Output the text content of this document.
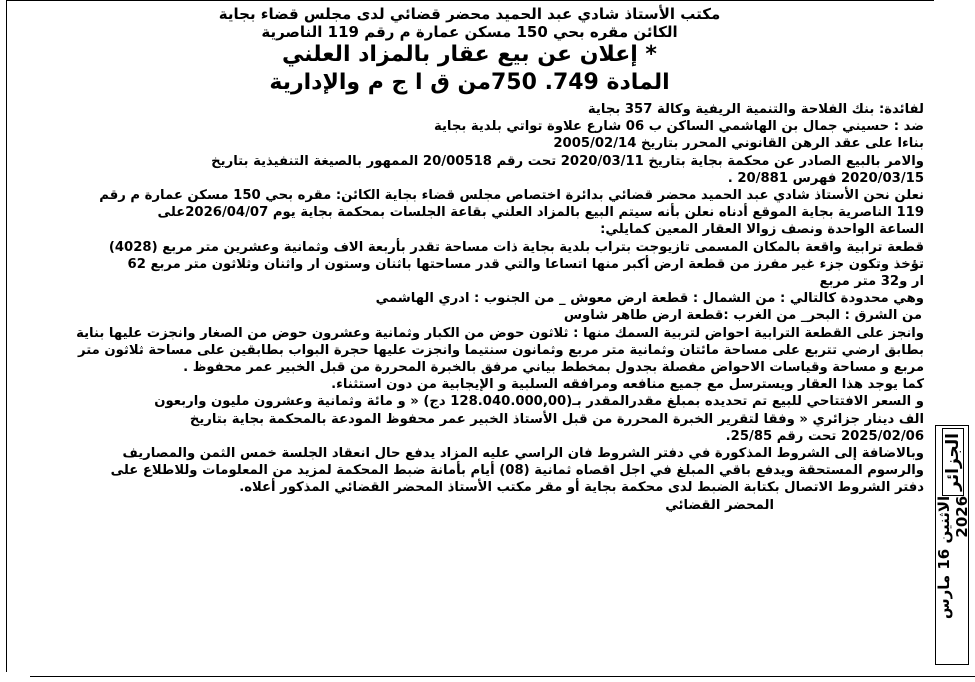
مكتب الأستاذ شادي عبد الحميد محضر قضائي لدى مجلس قضاء بجاية
الكائن مقره بحي 150 مسكن عمارة م رقم 119 الناصرية
* إعلان عن بيع عقار بالمزاد العلني
المادة 749. 750من ق ا ج م والإدارية
لفائدة: بنك الفلاحة والتنمية الريفية وكالة 357 بجاية
ضد : حسيني جمال بن الهاشمي الساكن ب 06 شارع علاوة تواتي بلدية بجاية
بناءا على عقد الرهن القانوني المحرر بتاريخ 2005/02/14
والامر بالبيع الصادر عن محكمة بجاية بتاريخ 2020/03/11 تحت رقم 20/00518 الممهور بالصيغة التنفيذية بتاريخ
2020/03/15 فهرس 20/881 .
نعلن نحن الأستاذ شادي عبد الحميد محضر قضائي بدائرة اختصاص مجلس قضاء بجاية الكائن: مقره بحي 150 مسكن عمارة م رقم
119 الناصرية بجاية الموقع أدناه نعلن بأنه سيتم البيع بالمزاد العلني بقاعة الجلسات بمحكمة بجاية يوم 2026/04/07على
الساعة الواحدة ونصف زوالا العقار المعين كمايلي:
قطعة ترابية واقعة بالمكان المسمى تازيوجت بتراب بلدية بجاية ذات مساحة تقدر بأربعة الاف وثمانية وعشرين متر مربع (4028)
تؤخذ وتكون جزء غير مفرز من قطعة ارض أكبر منها اتساعا والتي قدر مساحتها باثنان وستون ار واثنان وثلاثون متر مربع 62
ار و32 متر مربع
وهي محدودة كالتالي : من الشمال : قطعة ارض معوش _ من الجنوب : ادري الهاشمي
من الشرق : البحر_ من الغرب :قطعة ارض طاهر شاوس
وانجز على القطعة الترابية احواض لتربية السمك منها : ثلاثون حوض من الكبار وثمانية وعشرون حوض من الصغار وانجزت عليها بناية
بطابق ارضي تتربع على مساحة مائتان وثمانية متر مربع وثمانون سنتيما وانجزت عليها حجرة البواب بطابقين على مساحة ثلاثون متر
مربع و مساحة وقياسات الاحواض مفصلة بجدول بمخطط بياني مرفق بالخبرة المحررة من قبل الخبير عمر محفوظ .
كما يوجد هذا العقار ويسترسل مع جميع منافعه ومرافقه السلبية و الإيجابية من دون استثناء.
و السعر الافتتاحي للبيع تم تحديده بمبلغ مقدرالمقدر بـ(128.040.000,00 دج) « و مائة وثمانية وعشرون مليون واربعون
الف دينار جزائري « وفقا لتقرير الخبرة المحررة من قبل الأستاذ الخبير عمر محفوظ المودعة بالمحكمة بجاية بتاريخ
2025/02/06 تحت رقم 25/85.
وبالاضافة إلى الشروط المذكورة في دفتر الشروط فان الراسي عليه المزاد يدفع حال انعقاد الجلسة خمس الثمن والمصاريف
والرسوم المستحقة ويدفع باقي المبلغ في اجل اقصاه ثمانية (08) أيام بأمانة ضبط المحكمة لمزيد من المعلومات وللاطلاع على
دفتر الشروط الاتصال بكتابة الضبط لدى محكمة بجاية أو مقر مكتب الأستاذ المحضر القضائي المذكور أعلاه.
المحضر القضائي
الجزائر
الاثنين 16 مارس 2026
